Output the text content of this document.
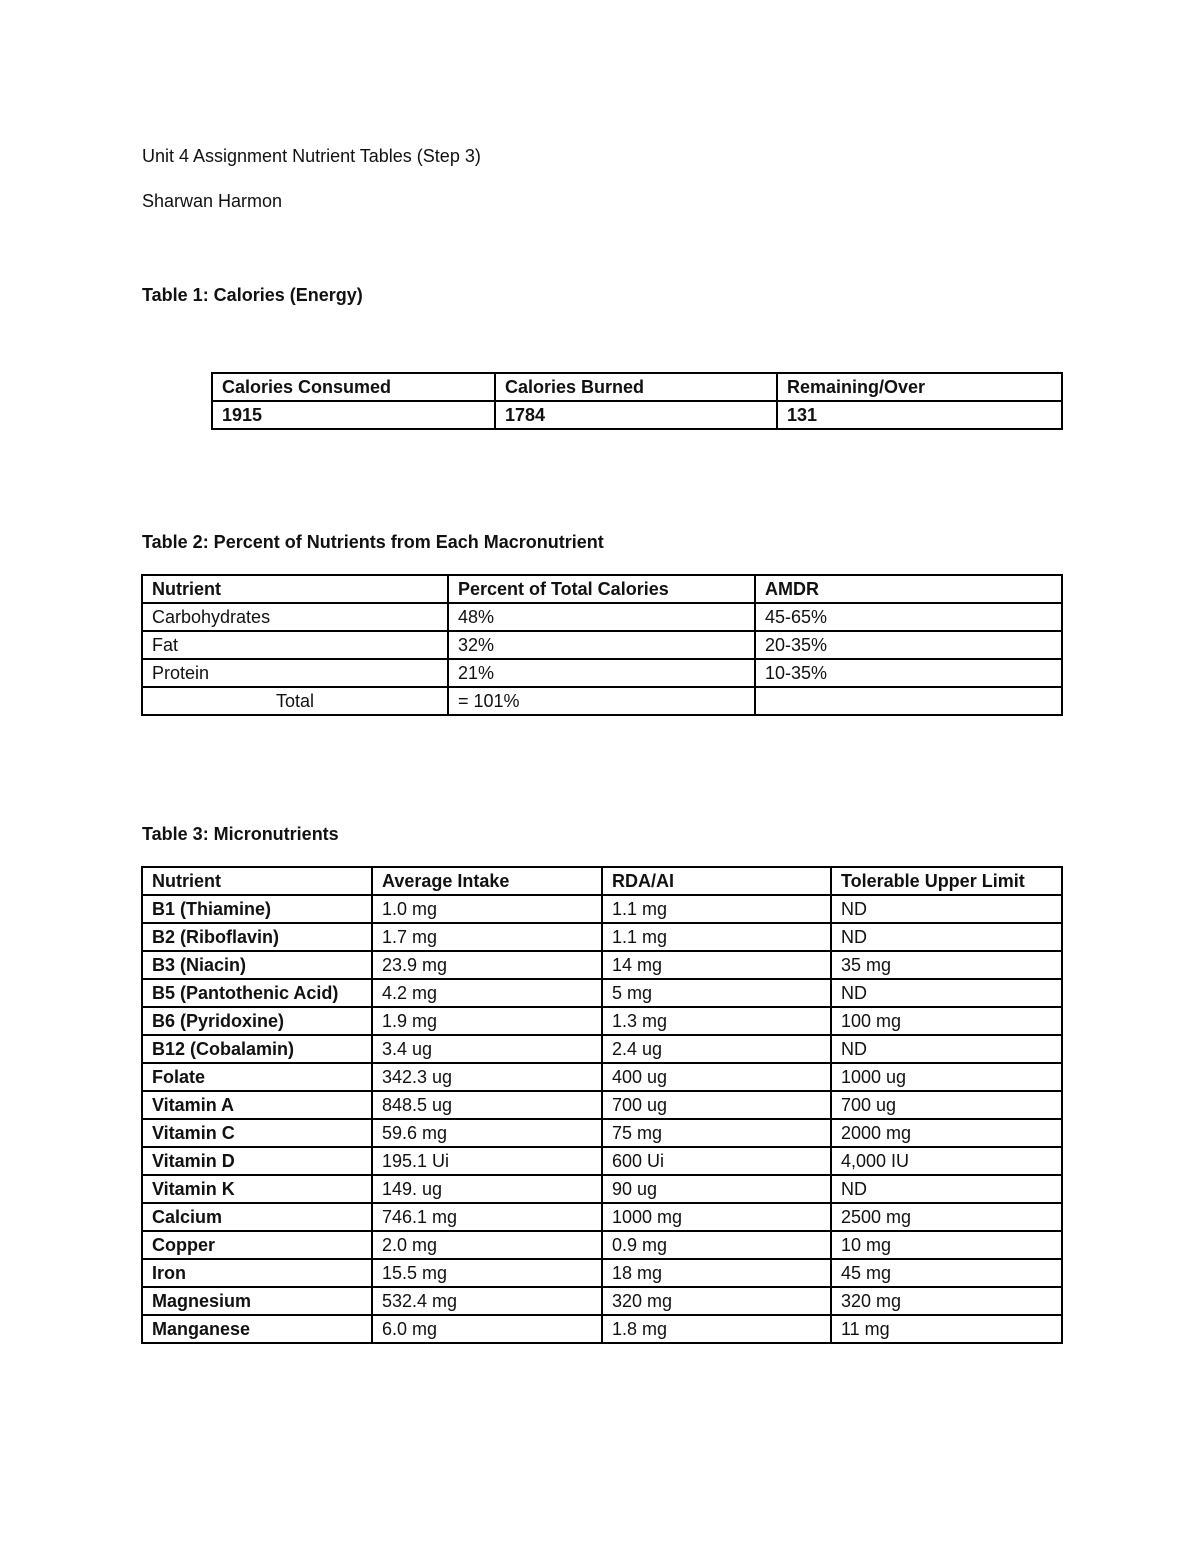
Unit 4 Assignment Nutrient Tables (Step 3)
Sharwan Harmon
Table 1: Calories (Energy)
Calories Consumed	Calories Burned	Remaining/Over
1915	1784	131
Table 2: Percent of Nutrients from Each Macronutrient
Nutrient	Percent of Total Calories	AMDR
Carbohydrates	48%	45-65%
Fat	32%	20-35%
Protein	21%	10-35%
Total	= 101%	
Table 3: Micronutrients
Nutrient	Average Intake	RDA/AI	Tolerable Upper Limit
B1 (Thiamine)	1.0 mg	1.1 mg	ND
B2 (Riboflavin)	1.7 mg	1.1 mg	ND
B3 (Niacin)	23.9 mg	14 mg	35 mg
B5 (Pantothenic Acid)	4.2 mg	5 mg	ND
B6 (Pyridoxine)	1.9 mg	1.3 mg	100 mg
B12 (Cobalamin)	3.4 ug	2.4 ug	ND
Folate	342.3 ug	400 ug	1000 ug
Vitamin A	848.5 ug	700 ug	700 ug
Vitamin C	59.6 mg	75 mg	2000 mg
Vitamin D	195.1 Ui	600 Ui	4,000 IU
Vitamin K	149. ug	90 ug	ND
Calcium	746.1 mg	1000 mg	2500 mg
Copper	2.0 mg	0.9 mg	10 mg
Iron	15.5 mg	18 mg	45 mg
Magnesium	532.4 mg	320 mg	320 mg
Manganese	6.0 mg	1.8 mg	11 mg
